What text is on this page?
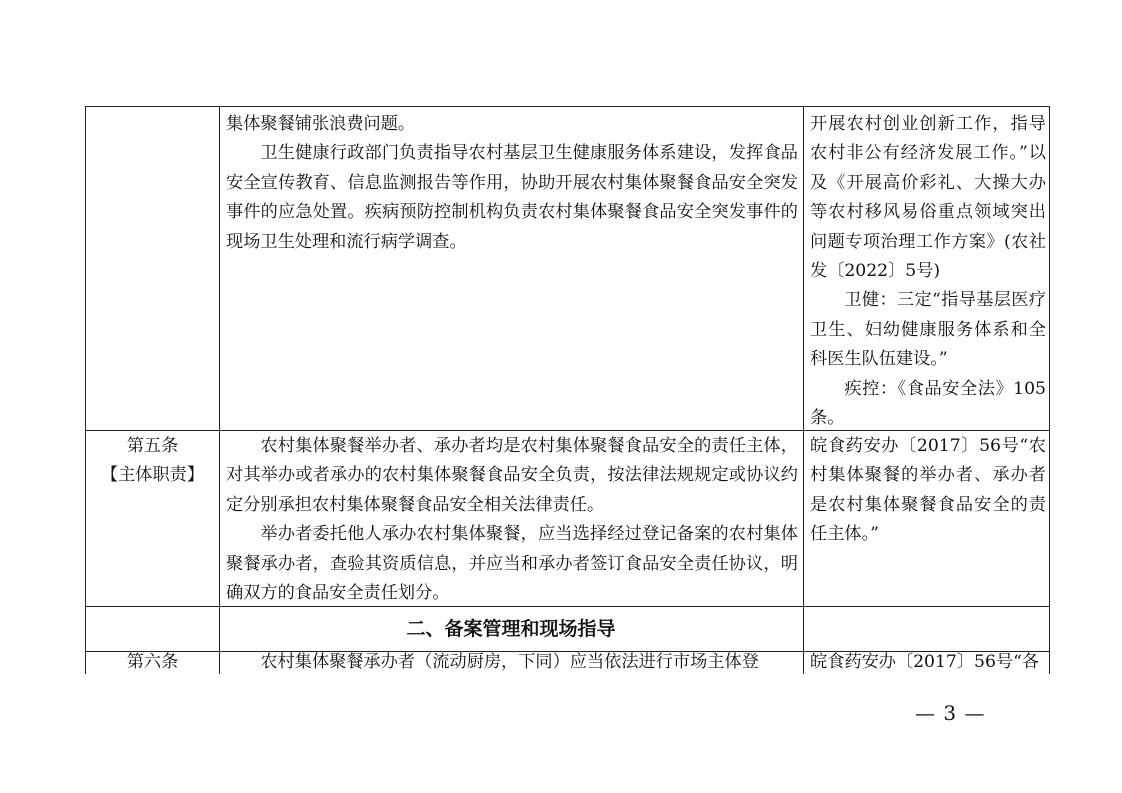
集体聚餐铺张浪费问题。

卫生健康行政部门负责指导农村基层卫生健康服务体系建设，发挥食品安全宣传教育、信息监测报告等作用，协助开展农村集体聚餐食品安全突发事件的应急处置。疾病预防控制机构负责农村集体聚餐食品安全突发事件的现场卫生处理和流行病学调查。

开展农村创业创新工作，指导农村非公有经济发展工作。”以及《开展高价彩礼、大操大办等农村移风易俗重点领域突出问题专项治理工作方案》(农社发〔2022〕5号)

卫健：三定“指导基层医疗卫生、妇幼健康服务体系和全科医生队伍建设。”

疾控：《食品安全法》105条。

第五条

【主体职责】

农村集体聚餐举办者、承办者均是农村集体聚餐食品安全的责任主体，对其举办或者承办的农村集体聚餐食品安全负责，按法律法规规定或协议约定分别承担农村集体聚餐食品安全相关法律责任。

举办者委托他人承办农村集体聚餐，应当选择经过登记备案的农村集体聚餐承办者，查验其资质信息，并应当和承办者签订食品安全责任协议，明确双方的食品安全责任划分。

皖食药安办〔2017〕56号“农村集体聚餐的举办者、承办者是农村集体聚餐食品安全的责任主体。”

二、备案管理和现场指导

第六条	农村集体聚餐承办者（流动厨房，下同）应当依法进行市场主体登	皖食药安办〔2017〕56号“各

— 3 —
